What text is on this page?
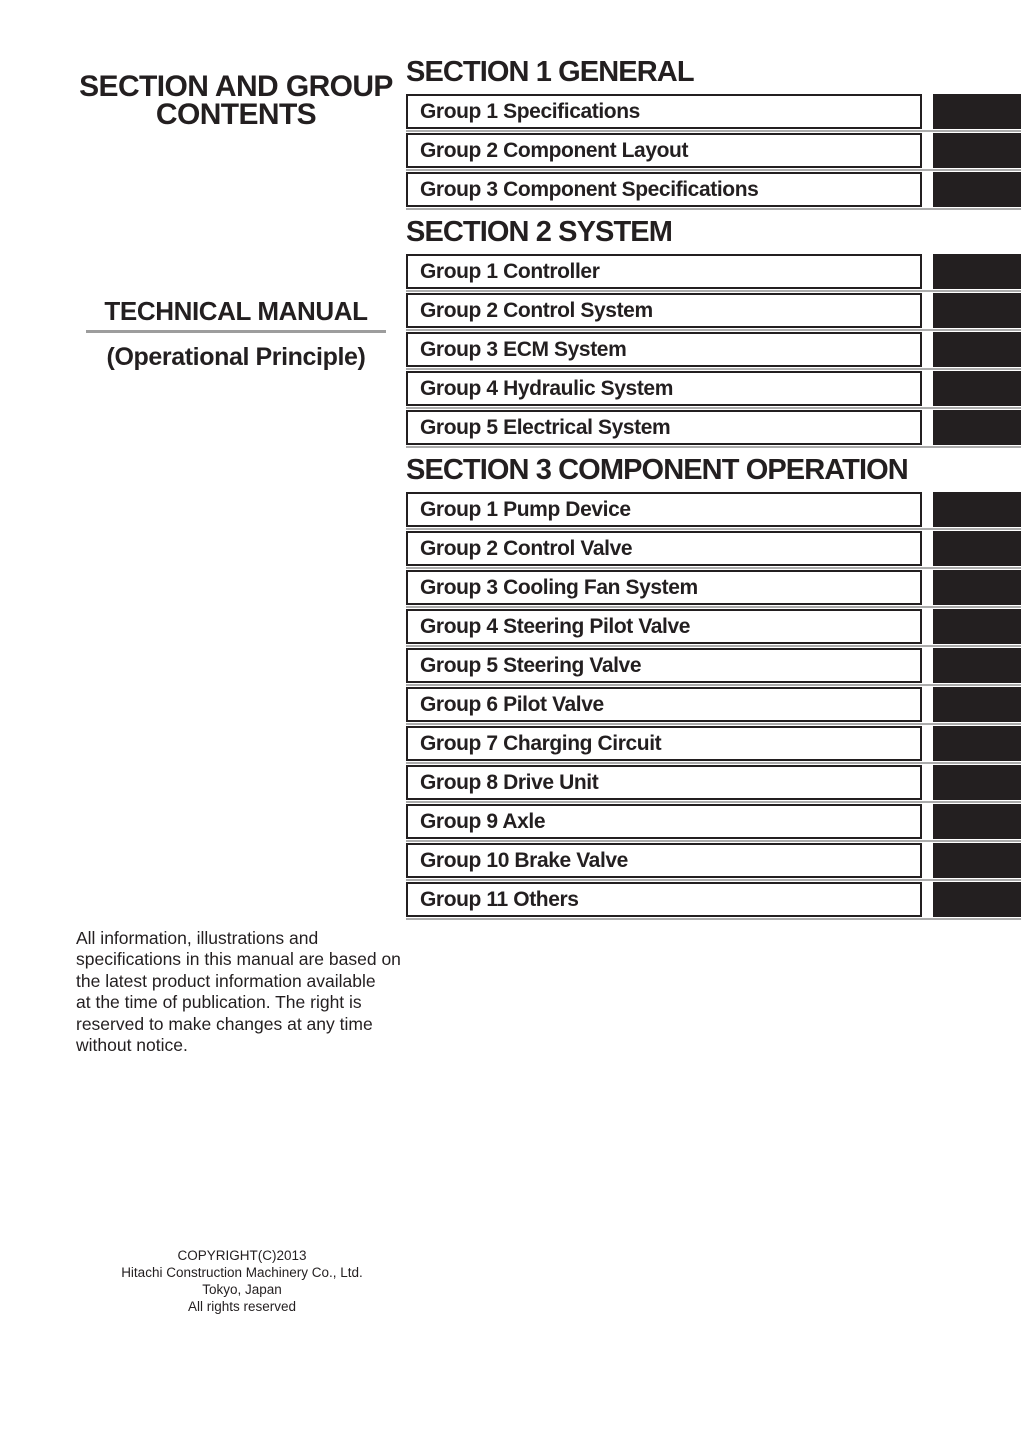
SECTION AND GROUP CONTENTS
TECHNICAL MANUAL
(Operational Principle)
All information, illustrations and
specifications in this manual are based on
the latest product information available
at the time of publication. The right is
reserved to make changes at any time
without notice.
COPYRIGHT(C)2013
Hitachi Construction Machinery Co., Ltd.
Tokyo, Japan
All rights reserved
SECTION 1 GENERAL
Group 1 Specifications
Group 2 Component Layout
Group 3 Component Specifications
SECTION 2 SYSTEM
Group 1 Controller
Group 2 Control System
Group 3 ECM System
Group 4 Hydraulic System
Group 5 Electrical System
SECTION 3 COMPONENT OPERATION
Group 1 Pump Device
Group 2 Control Valve
Group 3 Cooling Fan System
Group 4 Steering Pilot Valve
Group 5 Steering Valve
Group 6 Pilot Valve
Group 7 Charging Circuit
Group 8 Drive Unit
Group 9 Axle
Group 10 Brake Valve
Group 11 Others
